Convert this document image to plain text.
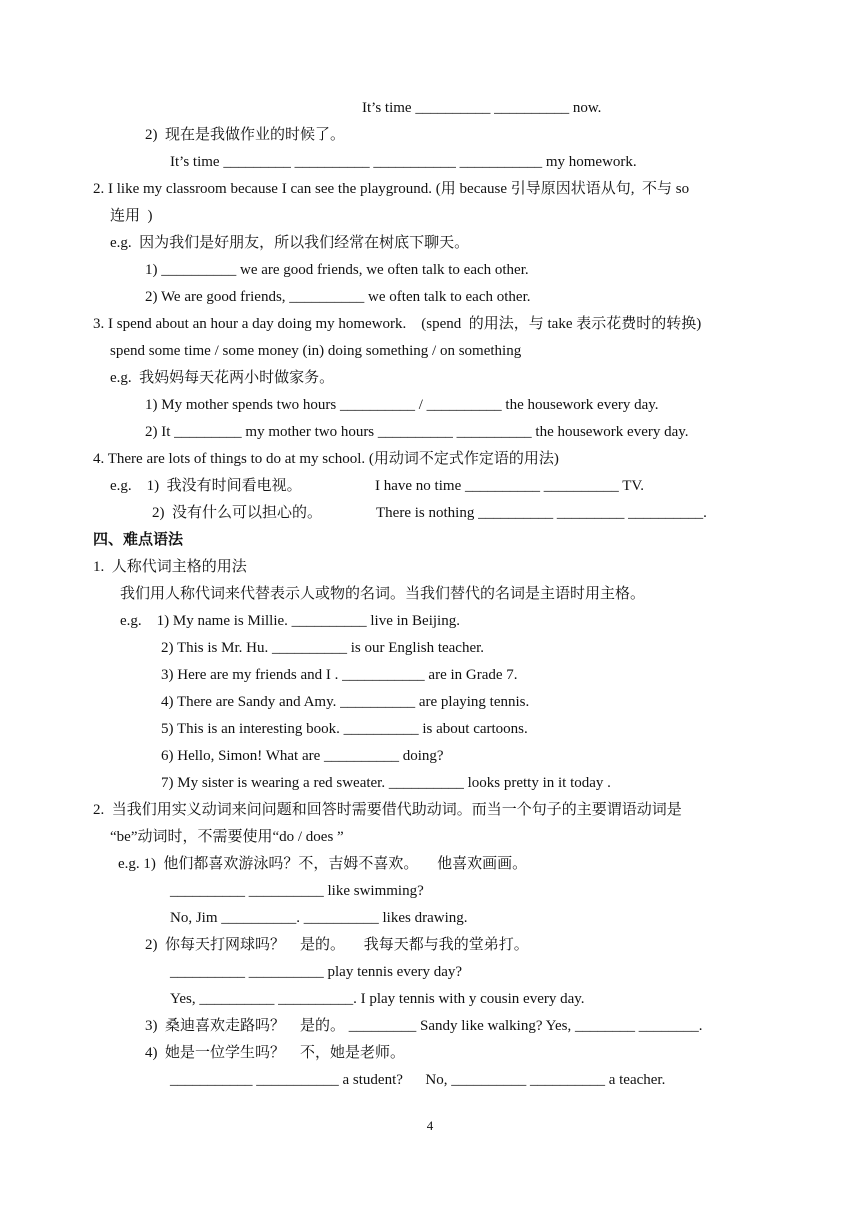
It’s time __________ __________ now.
2)  现在是我做作业的时候了。
It’s time _________ __________ ___________ ___________ my homework.
2. I like my classroom because I can see the playground. (用 because 引导原因状语从句,  不与 so
连用  )
e.g.  因为我们是好朋友，所以我们经常在树底下聊天。
1) __________ we are good friends, we often talk to each other.
2) We are good friends, __________ we often talk to each other.
3. I spend about an hour a day doing my homework.    (spend  的用法，与 take 表示花费时的转换)
spend some time / some money (in) doing something / on something
e.g.  我妈妈每天花两小时做家务。
1) My mother spends two hours __________ / __________ the housework every day.
2) It _________ my mother two hours __________ __________ the housework every day.
4. There are lots of things to do at my school. (用动词不定式作定语的用法)
e.g.    1)  我没有时间看电视。	I have no time __________ __________ TV.
2)  没有什么可以担心的。	There is nothing __________ _________ __________.
四、难点语法
1.  人称代词主格的用法
我们用人称代词来代替表示人或物的名词。当我们替代的名词是主语时用主格。
e.g.    1) My name is Millie. __________ live in Beijing.
2) This is Mr. Hu. __________ is our English teacher.
3) Here are my friends and I . ___________ are in Grade 7.
4) There are Sandy and Amy. __________ are playing tennis.
5) This is an interesting book. __________ is about cartoons.
6) Hello, Simon! What are __________ doing?
7) My sister is wearing a red sweater. __________ looks pretty in it today .
2.  当我们用实义动词来问问题和回答时需要借代助动词。而当一个句子的主要谓语动词是
“be”动词时，不需要使用“do / does ”
e.g. 1)  他们都喜欢游泳吗？不，吉姆不喜欢。     他喜欢画画。
__________ __________ like swimming?
No, Jim __________. __________ likes drawing.
2)  你每天打网球吗？    是的。     我每天都与我的堂弟打。
__________ __________ play tennis every day?
Yes, __________ __________. I play tennis with y cousin every day.
3)  桑迪喜欢走路吗？    是的。 _________ Sandy like walking? Yes, ________ ________.
4)  她是一位学生吗？    不，她是老师。
___________ ___________ a student?      No, __________ __________ a teacher.
4
